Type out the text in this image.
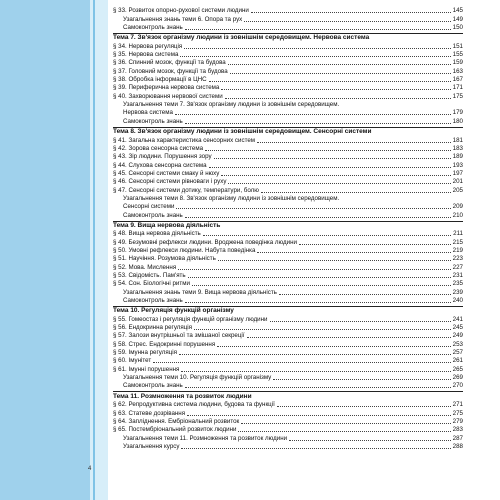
§ 33. Розвиток опорно-рухової системи людини	145
Узагальнення знань теми 6. Опора та рух	149
Самоконтроль знань	150
Тема 7. Зв'язок організму людини із зовнішнім середовищем. Нервова система
§ 34. Нервова регуляція	151
§ 35. Нервова система	155
§ 36. Спинний мозок, функції та будова	159
§ 37. Головний мозок, функції та будова	163
§ 38. Обробка інформації в ЦНС	167
§ 39. Периферична нервова система	171
§ 40. Захворювання нервової системи	175
Узагальнення теми 7. Зв'язок організму людини із зовнішнім середовищем.
Нервова система	179
Самоконтроль знань	180
Тема 8. Зв'язок організму людини із зовнішнім середовищем. Сенсорні системи
§ 41. Загальна характеристика сенсорних систем	181
§ 42. Зорова сенсорна система	183
§ 43. Зір людини. Порушення зору	189
§ 44. Слухова сенсорна система	193
§ 45. Сенсорні системи смаку й нюху	197
§ 46. Сенсорні системи рівноваги і руху	201
§ 47. Сенсорні системи дотику, температури, болю	205
Узагальнення теми 8. Зв'язок організму людини із зовнішнім середовищем.
Сенсорні системи	209
Самоконтроль знань	210
Тема 9. Вища нервова діяльність
§ 48. Вища нервова діяльність	211
§ 49. Безумовні рефлекси людини. Вроджена поведінка людини	215
§ 50. Умовні рефлекси людини. Набута поведінка	219
§ 51. Научіння. Розумова діяльність	223
§ 52. Мова. Мислення	227
§ 53. Свідомість. Пам'ять	231
§ 54. Сон. Біологічні ритми	235
Узагальнення знань теми 9. Вища нервова діяльність	239
Самоконтроль знань	240
Тема 10. Регуляція функцій організму
§ 55. Гомеостаз і регуляція функцій організму людини	241
§ 56. Ендокринна регуляція	245
§ 57. Залози внутрішньої та змішаної секреції	249
§ 58. Стрес. Ендокринні порушення	253
§ 59. Імунна регуляція	257
§ 60. Імунітет	261
§ 61. Імунні порушення	265
Узагальнення теми 10. Регуляція функцій організму	269
Самоконтроль знань	270
Тема 11. Розмноження та розвиток людини
§ 62. Репродуктивна система людини, будова та функції	271
§ 63. Статеве дозрівання	275
§ 64. Запліднення. Ембріональний розвиток	279
§ 65. Постембріональний розвиток людини	283
Узагальнення теми 11. Розмноження та розвиток людини	287
Узагальнення курсу	288
4
